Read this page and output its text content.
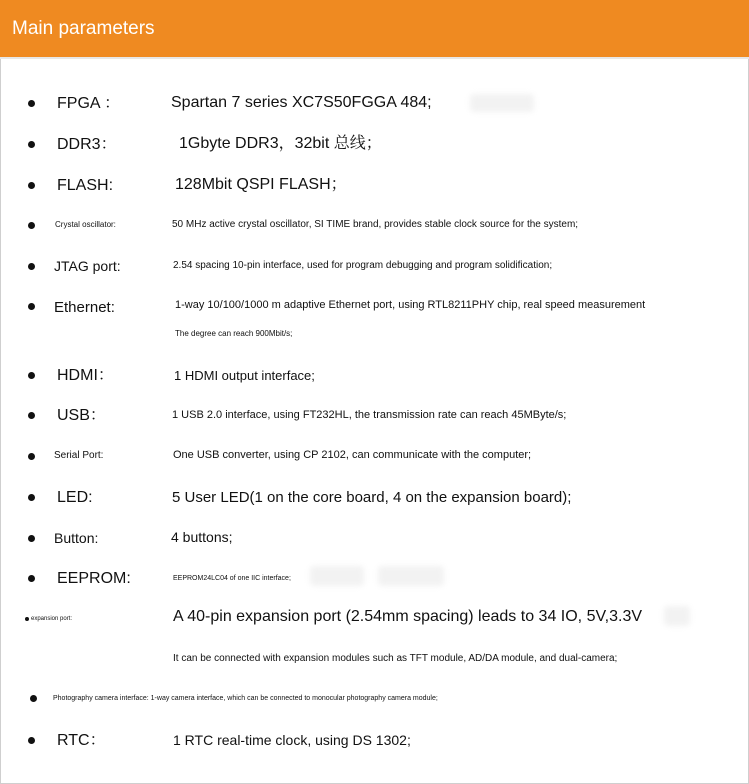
Main parameters
FPGA ：	Spartan 7 series XC7S50FGGA 484;
DDR3：	1Gbyte DDR3，32bit 总线；
FLASH:	128Mbit QSPI FLASH；
Crystal oscillator:	50 MHz active crystal oscillator, SI TIME brand, provides stable clock source for the system;
JTAG port:	2.54 spacing 10-pin interface, used for program debugging and program solidification;
Ethernet:	1-way 10/100/1000 m adaptive Ethernet port, using RTL8211PHY chip, real speed measurement
The degree can reach 900Mbit/s;
HDMI：	1 HDMI output interface;
USB：	1 USB 2.0 interface, using FT232HL, the transmission rate can reach 45MByte/s;
Serial Port:	One USB converter, using CP 2102, can communicate with the computer;
LED:	5 User LED(1 on the core board, 4 on the expansion board);
Button:	4 buttons;
EEPROM:	EEPROM24LC04 of one IIC interface;
expansion port:	A 40-pin expansion port (2.54mm spacing) leads to 34 IO, 5V,3.3V
It can be connected with expansion modules such as TFT module, AD/DA module, and dual-camera;
Photography camera interface: 1-way camera interface, which can be connected to monocular photography camera module;
RTC：	1 RTC real-time clock, using DS 1302;
